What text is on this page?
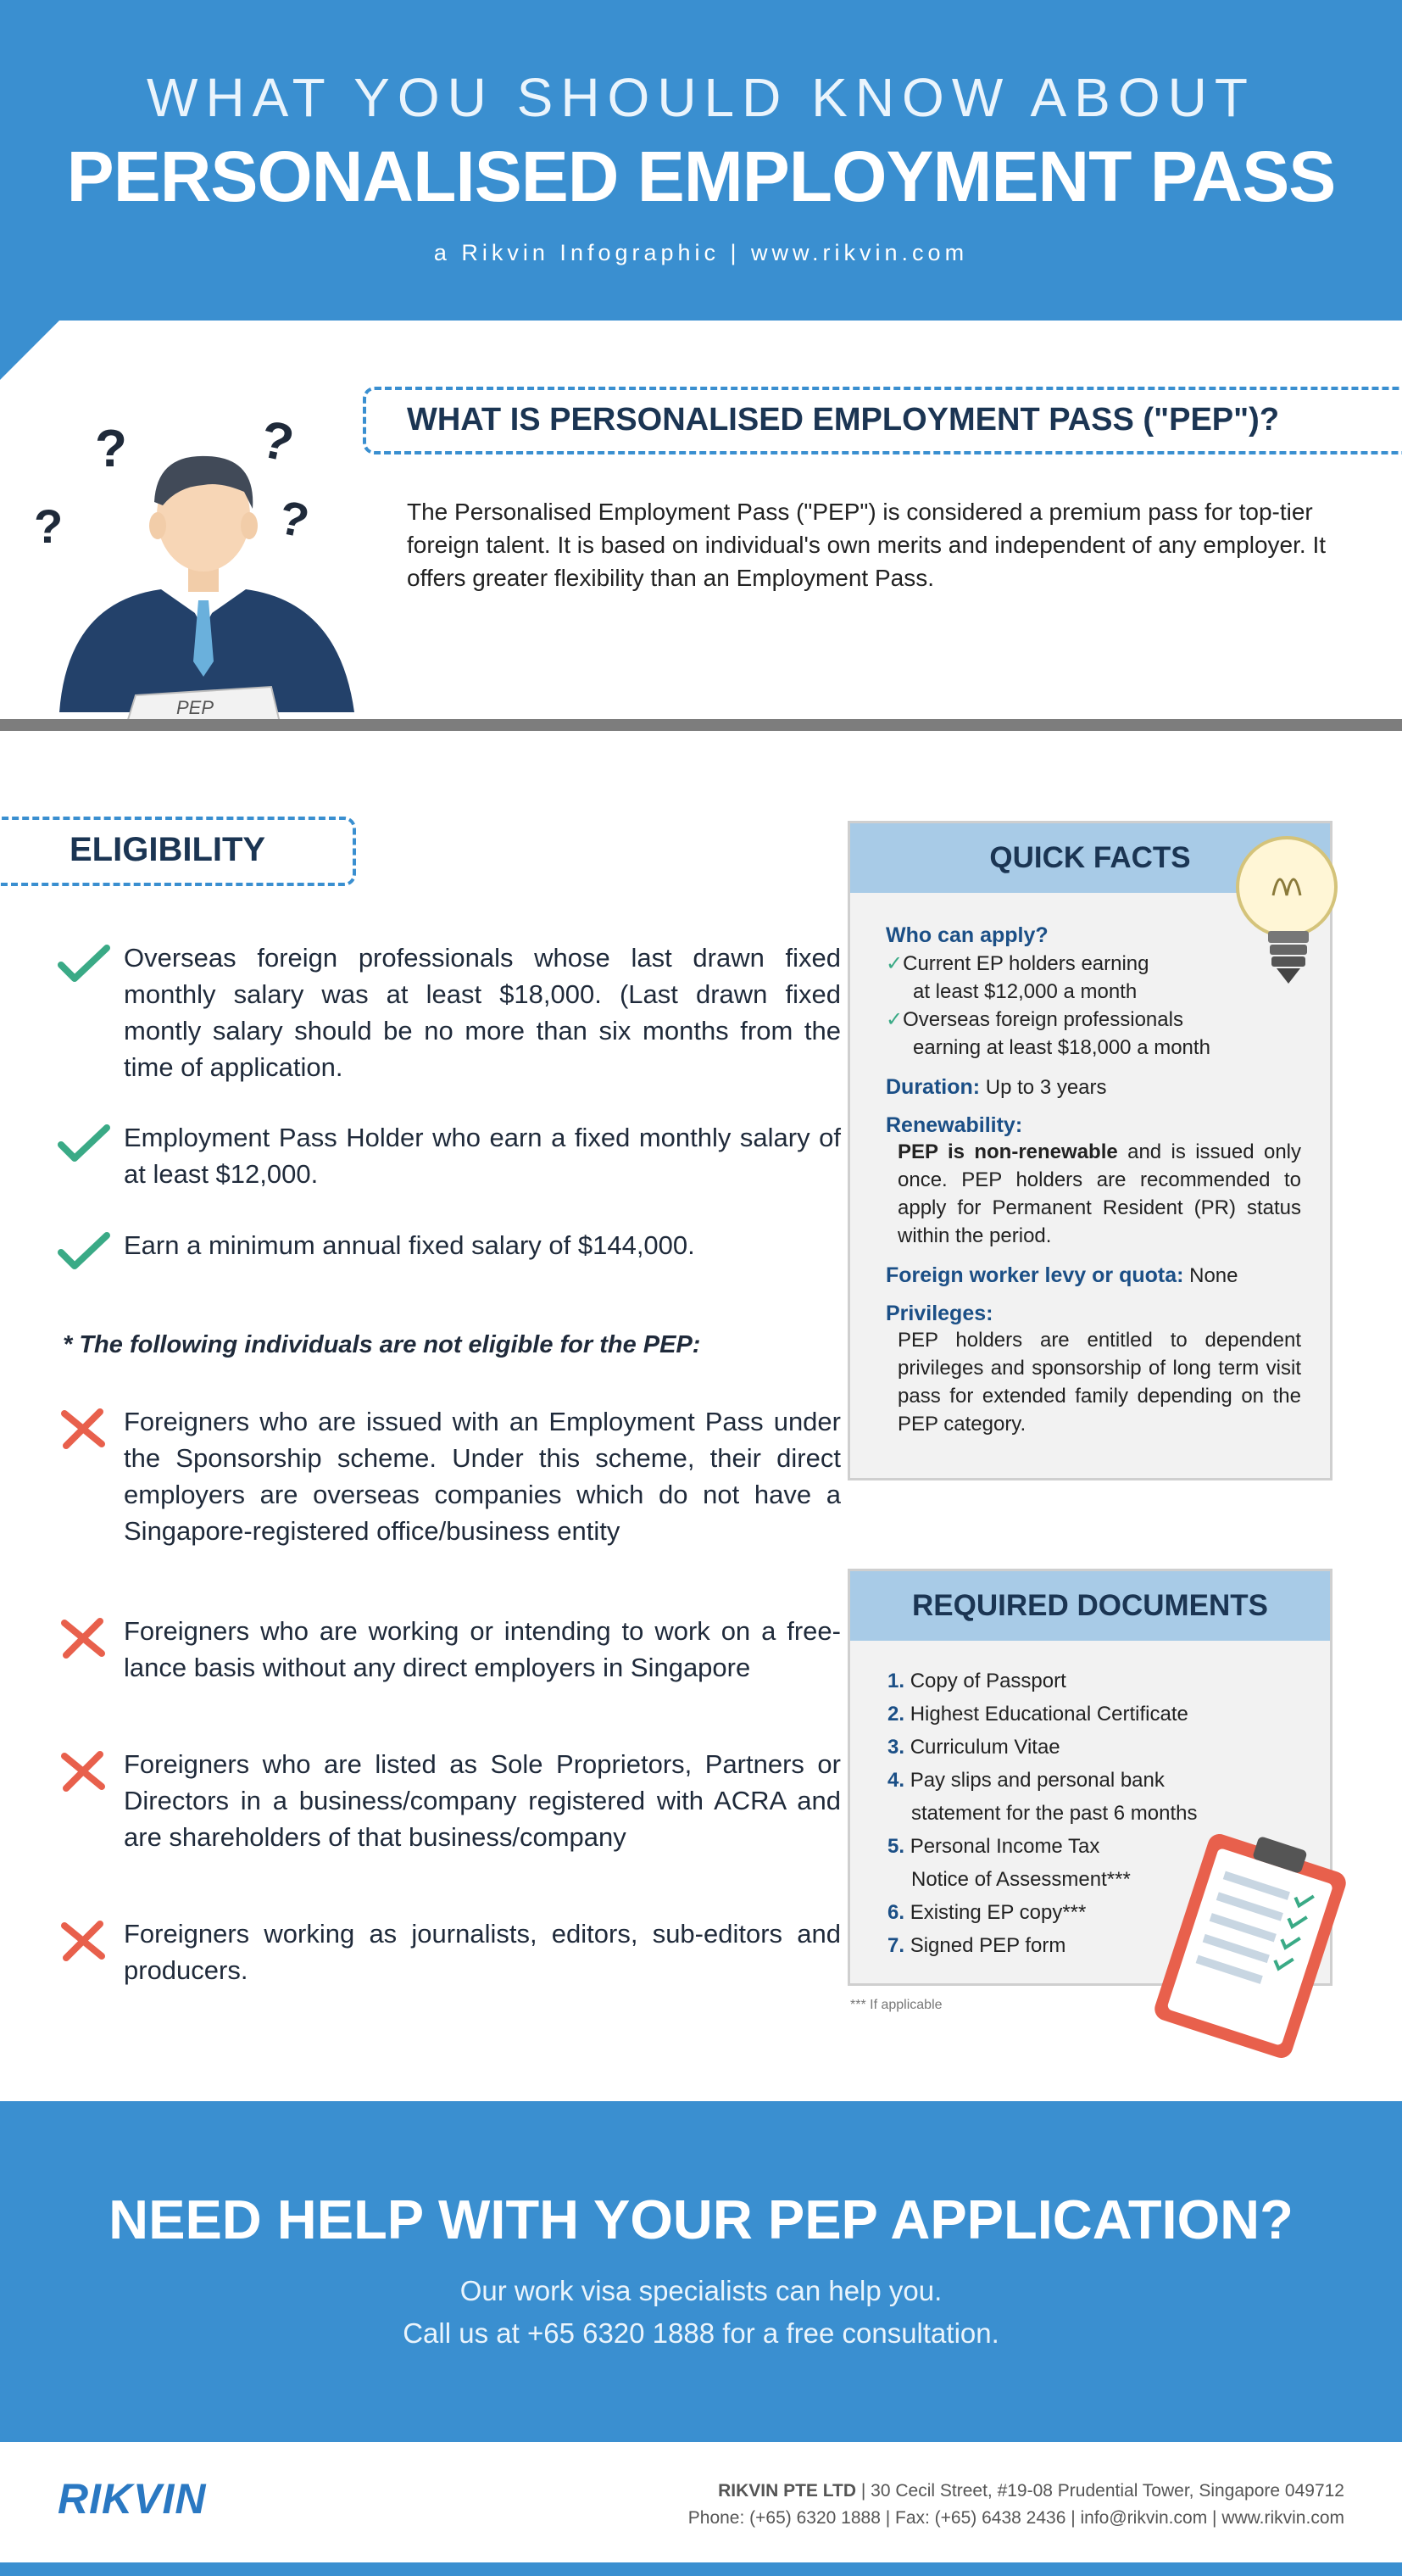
WHAT YOU SHOULD KNOW ABOUT
PERSONALISED EMPLOYMENT PASS
a Rikvin Infographic | www.rikvin.com
?
?
?
?
PEP
WHAT IS PERSONALISED EMPLOYMENT PASS ("PEP")?
The Personalised Employment Pass ("PEP") is considered a premium pass for top-tier foreign talent. It is based on individual's own merits and independent of any employer. It offers greater flexibility than an Employment Pass.
ELIGIBILITY
Overseas foreign professionals whose last drawn fixed monthly salary was at least $18,000. (Last drawn fixed montly salary should be no more than six months from the time of application.
Employment Pass Holder who earn a fixed monthly salary of at least $12,000.
Earn a minimum annual fixed salary of $144,000.
* The following individuals are not eligible for the PEP:
Foreigners who are issued with an Employment Pass under the Sponsorship scheme. Under this scheme, their direct employers are overseas companies which do not have a Singapore-registered office/business entity
Foreigners who are working or intending to work on a free-lance basis without any direct employers in Singapore
Foreigners who are listed as Sole Proprietors, Partners or Directors in a business/company registered with ACRA and are shareholders of that business/company
Foreigners working as journalists, editors, sub-editors and producers.
QUICK FACTS
Who can apply?
✓Current EP holders earning
at least $12,000 a month
✓Overseas foreign professionals
earning at least $18,000 a month
Duration: Up to 3 years
Renewability:
PEP is non-renewable and is issued only once. PEP holders are recommended to apply for Permanent Resident (PR) status within the period.
Foreign worker levy or quota: None
Privileges:
PEP holders are entitled to dependent privileges and sponsorship of long term visit pass for extended family depending on the PEP category.
REQUIRED DOCUMENTS
1. Copy of Passport
2. Highest Educational Certificate
3. Curriculum Vitae
4. Pay slips and personal bank
statement for the past 6 months
5. Personal Income Tax
Notice of Assessment***
6. Existing EP copy***
7. Signed PEP form
*** If applicable
NEED HELP WITH YOUR PEP APPLICATION?
Our work visa specialists can help you.
Call us at +65 6320 1888 for a free consultation.
RIKVIN	RIKVIN PTE LTD | 30 Cecil Street, #19-08 Prudential Tower, Singapore 049712
Phone: (+65) 6320 1888 | Fax: (+65) 6438 2436 | info@rikvin.com | www.rikvin.com
